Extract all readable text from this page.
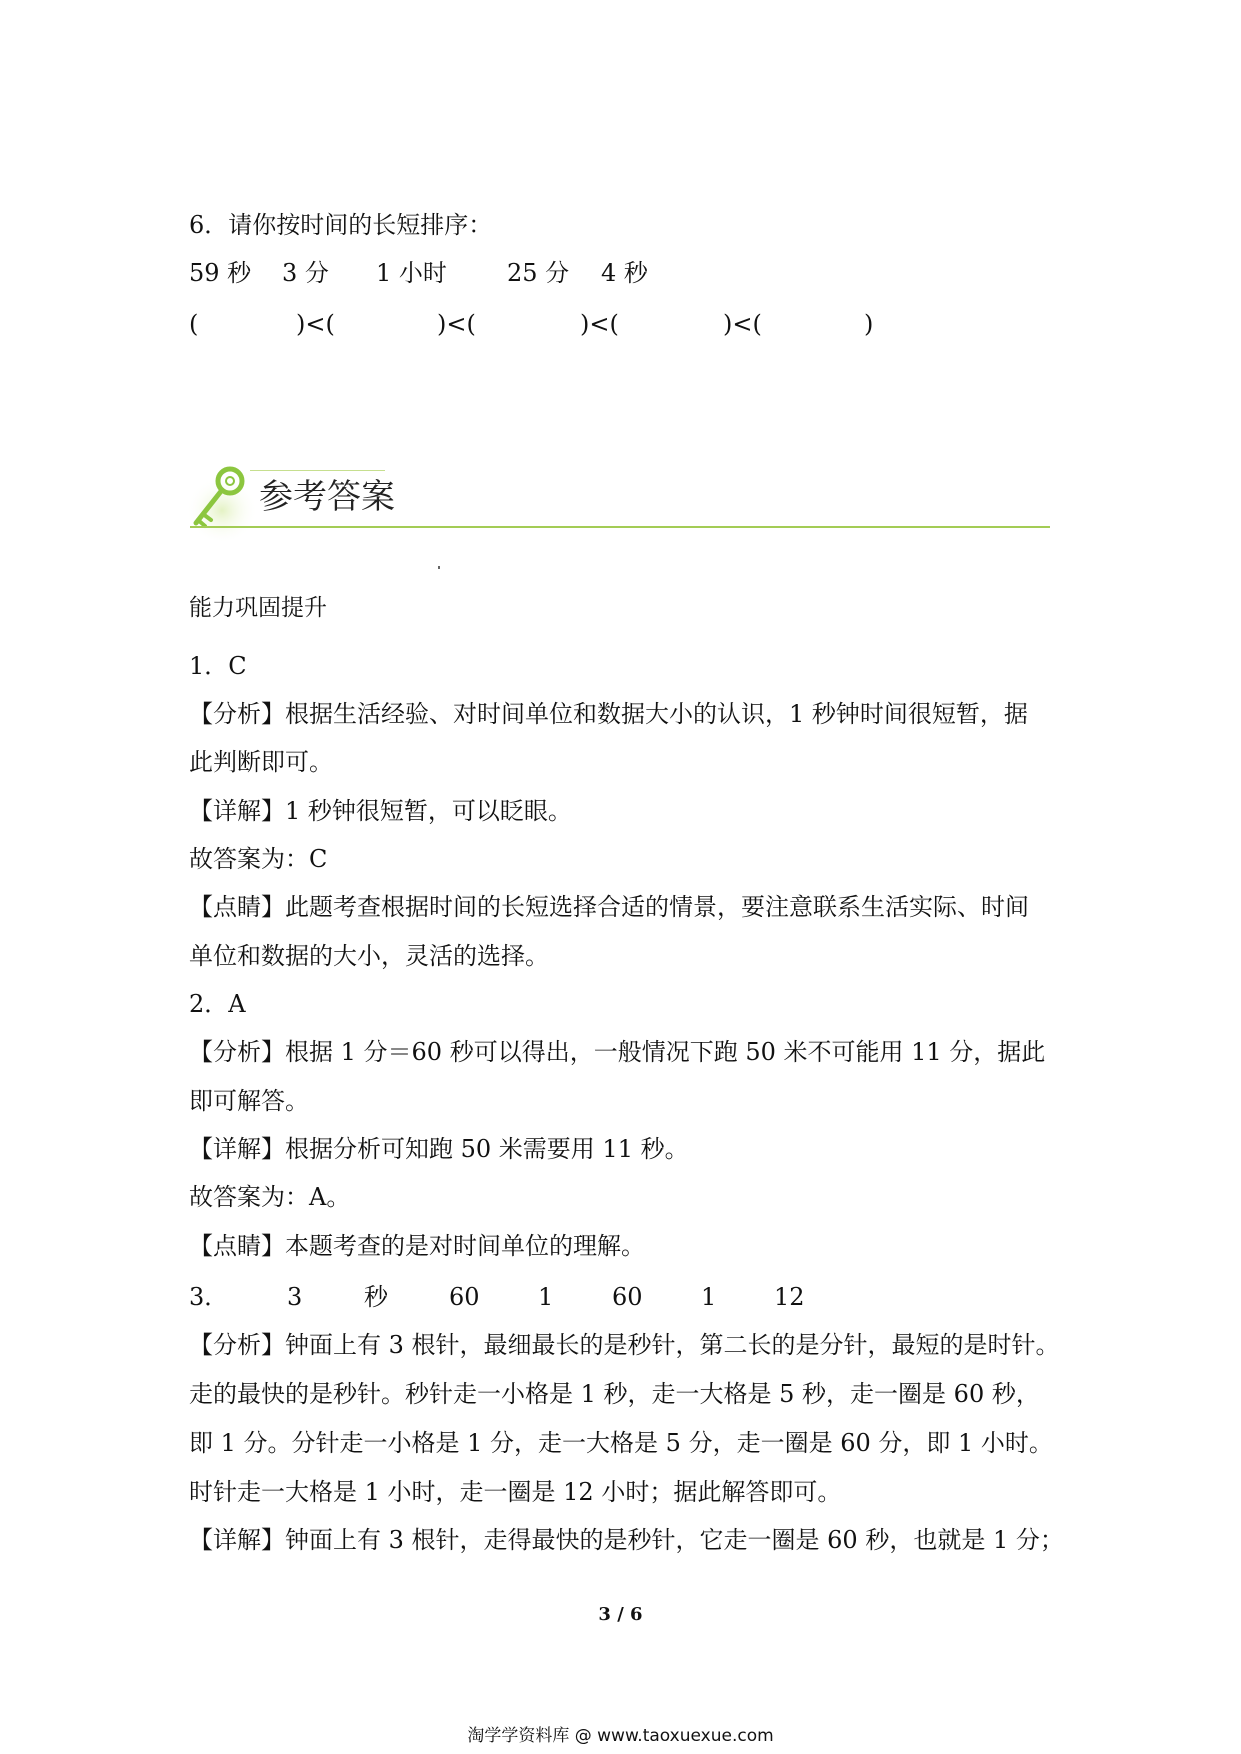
6．请你按时间的长短排序：
59 秒 3 分 1 小时	25 分 4 秒
(	)<(	)<(	)<(	)<(	)
参考答案
能力巩固提升
1．C
【分析】根据生活经验、对时间单位和数据大小的认识，1 秒钟时间很短暂，据
此判断即可。
【详解】1 秒钟很短暂，可以眨眼。
故答案为：C
【点睛】此题考查根据时间的长短选择合适的情景，要注意联系生活实际、时间
单位和数据的大小，灵活的选择。
2．A
【分析】根据 1 分＝60 秒可以得出，一般情况下跑 50 米不可能用 11 分，据此
即可解答。
【详解】根据分析可知跑 50 米需要用 11 秒。
故答案为：A。
【点睛】本题考查的是对时间单位的理解。
3． 3	秒	60 1 60 1 12
【分析】钟面上有 3 根针，最细最长的是秒针，第二长的是分针，最短的是时针。
走的最快的是秒针。秒针走一小格是 1 秒，走一大格是 5 秒，走一圈是 60 秒，
即 1 分。分针走一小格是 1 分，走一大格是 5 分，走一圈是 60 分，即 1 小时。
时针走一大格是 1 小时，走一圈是 12 小时；据此解答即可。
【详解】钟面上有 3 根针，走得最快的是秒针，它走一圈是 60 秒，也就是 1 分；
3 / 6
淘学学资料库 @ www.taoxuexue.com
